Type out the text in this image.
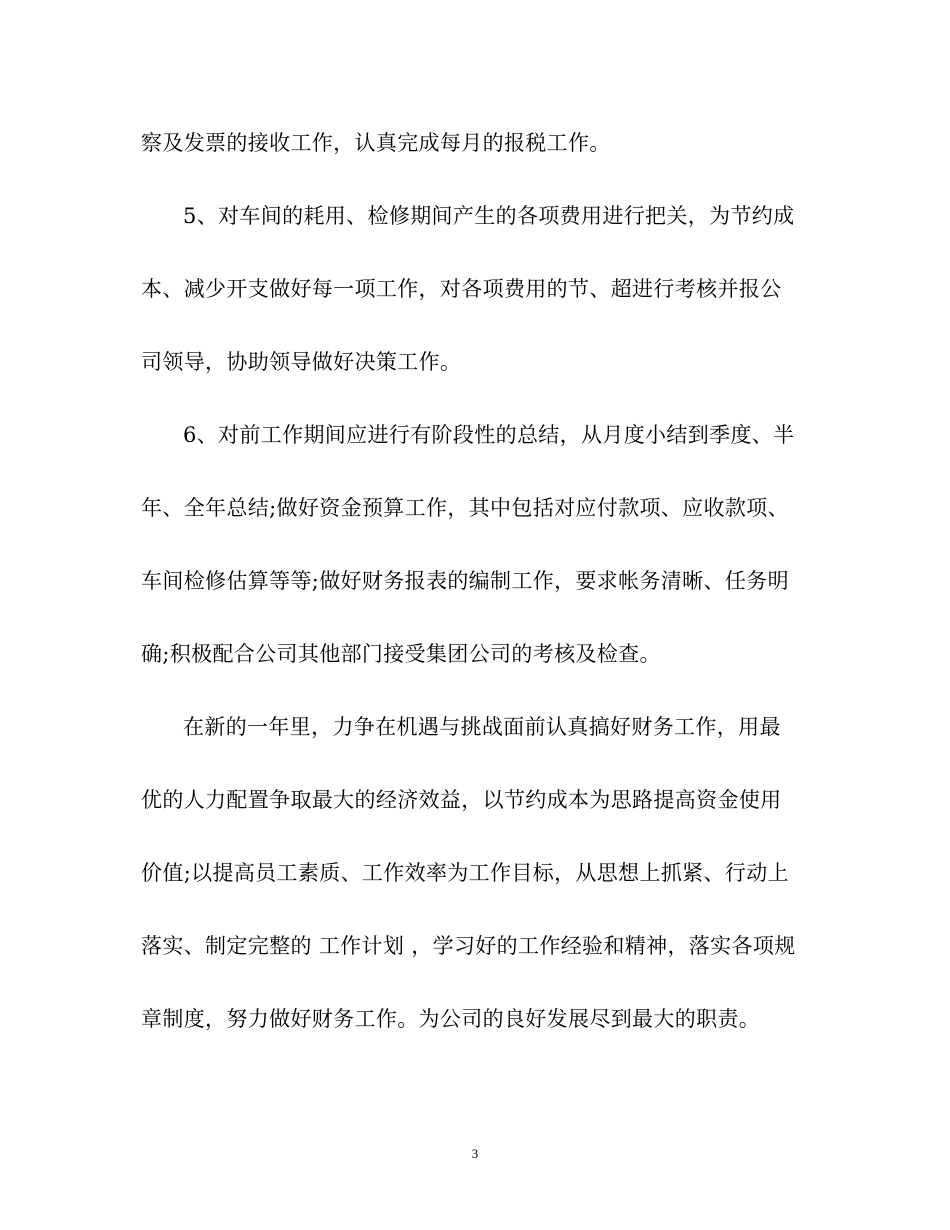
察及发票的接收工作，认真完成每月的报税工作。
5、对车间的耗用、检修期间产生的各项费用进行把关，为节约成
本、减少开支做好每一项工作，对各项费用的节、超进行考核并报公
司领导，协助领导做好决策工作。
6、对前工作期间应进行有阶段性的总结，从月度小结到季度、半
年、全年总结;做好资金预算工作，其中包括对应付款项、应收款项、
车间检修估算等等;做好财务报表的编制工作，要求帐务清晰、任务明
确;积极配合公司其他部门接受集团公司的考核及检查。
在新的一年里，力争在机遇与挑战面前认真搞好财务工作，用最
优的人力配置争取最大的经济效益，以节约成本为思路提高资金使用
价值;以提高员工素质、工作效率为工作目标，从思想上抓紧、行动上
落实、制定完整的 工作计划 ，学习好的工作经验和精神，落实各项规
章制度，努力做好财务工作。为公司的良好发展尽到最大的职责。
3
